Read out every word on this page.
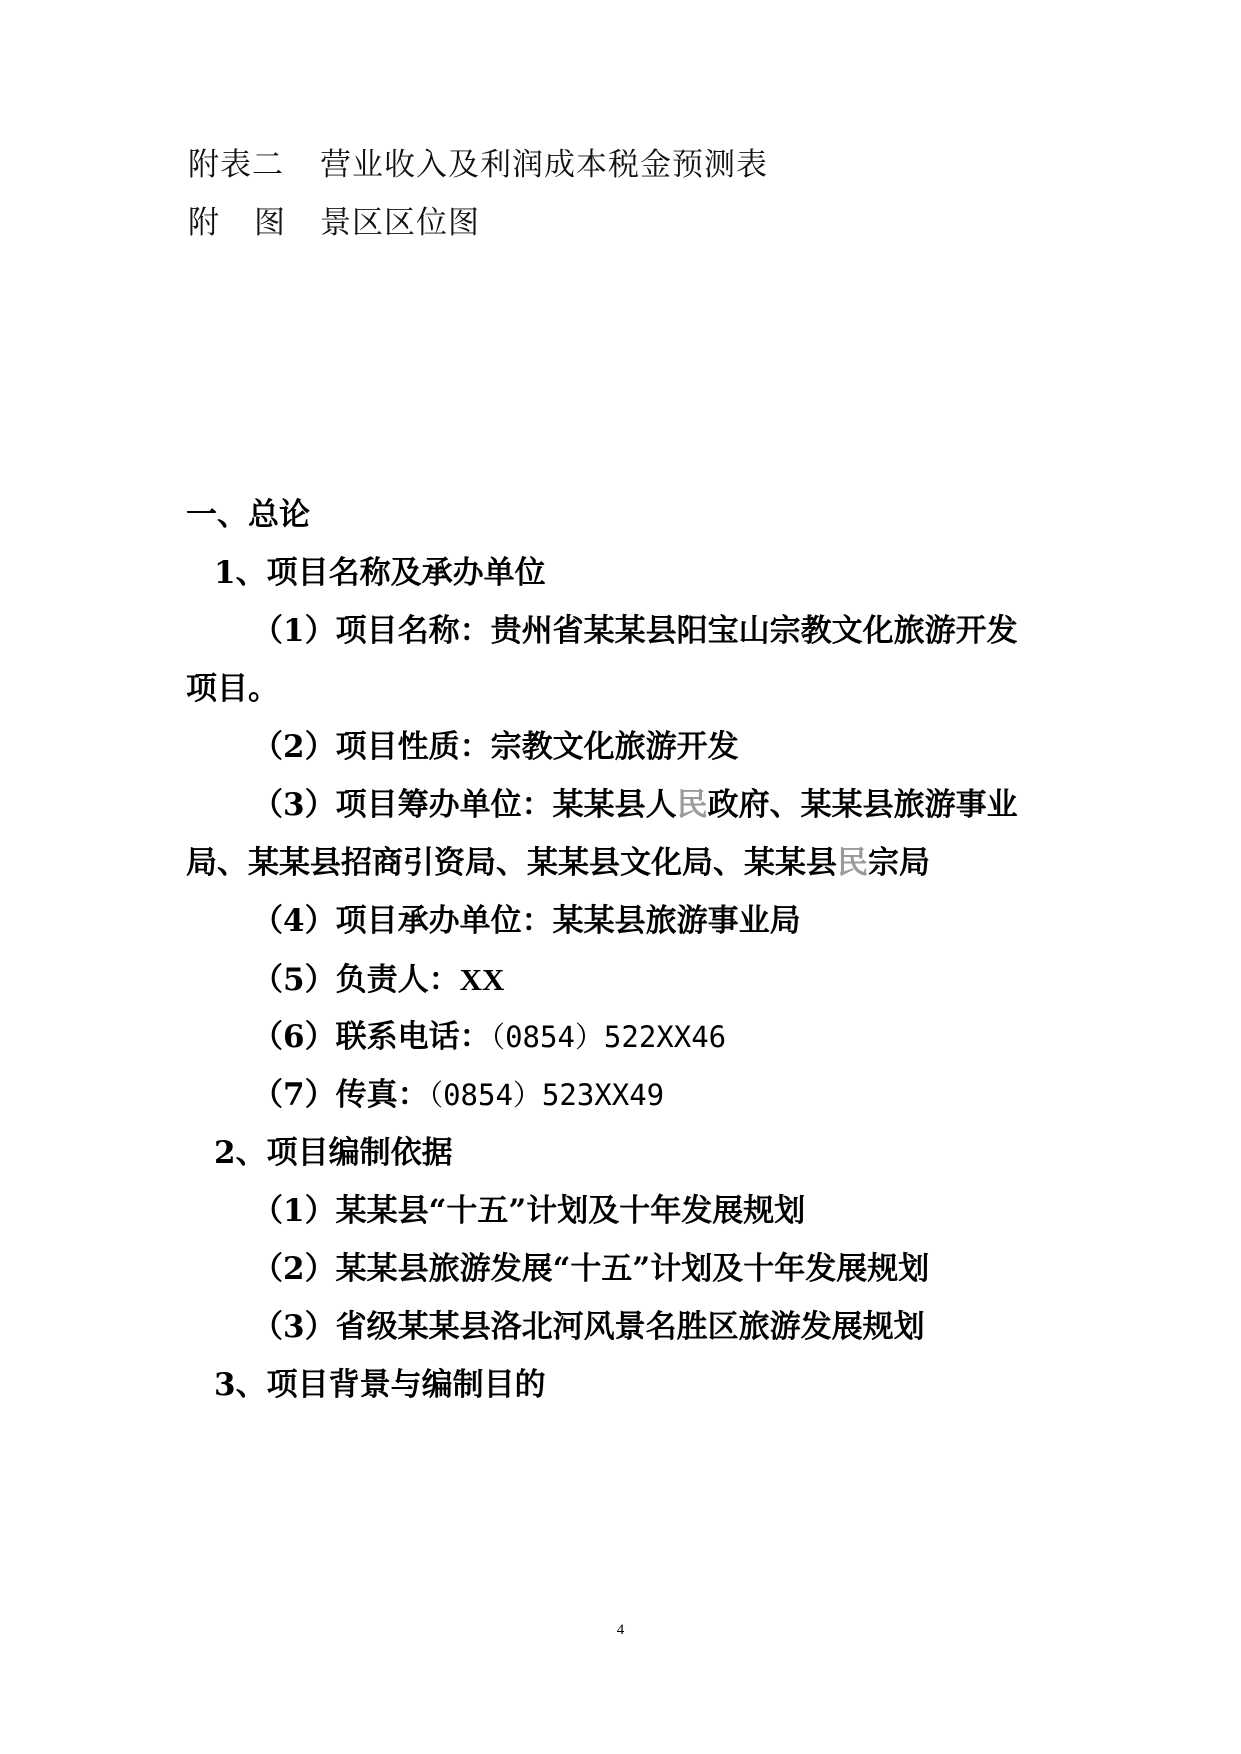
附表二 营业收入及利润成本税金预测表
附 图 景区区位图
一、总论
1、项目名称及承办单位
（1）项目名称：贵州省某某县阳宝山宗教文化旅游开发
项目。
（2）项目性质：宗教文化旅游开发
（3）项目筹办单位：某某县人民政府、某某县旅游事业
局、某某县招商引资局、某某县文化局、某某县民宗局
（4）项目承办单位：某某县旅游事业局
（5）负责人：XX
（6）联系电话：（0854）522XX46
（7）传真：（0854）523XX49
2、项目编制依据
（1）某某县“十五”计划及十年发展规划
（2）某某县旅游发展“十五”计划及十年发展规划
（3）省级某某县洛北河风景名胜区旅游发展规划
3、项目背景与编制目的
4
